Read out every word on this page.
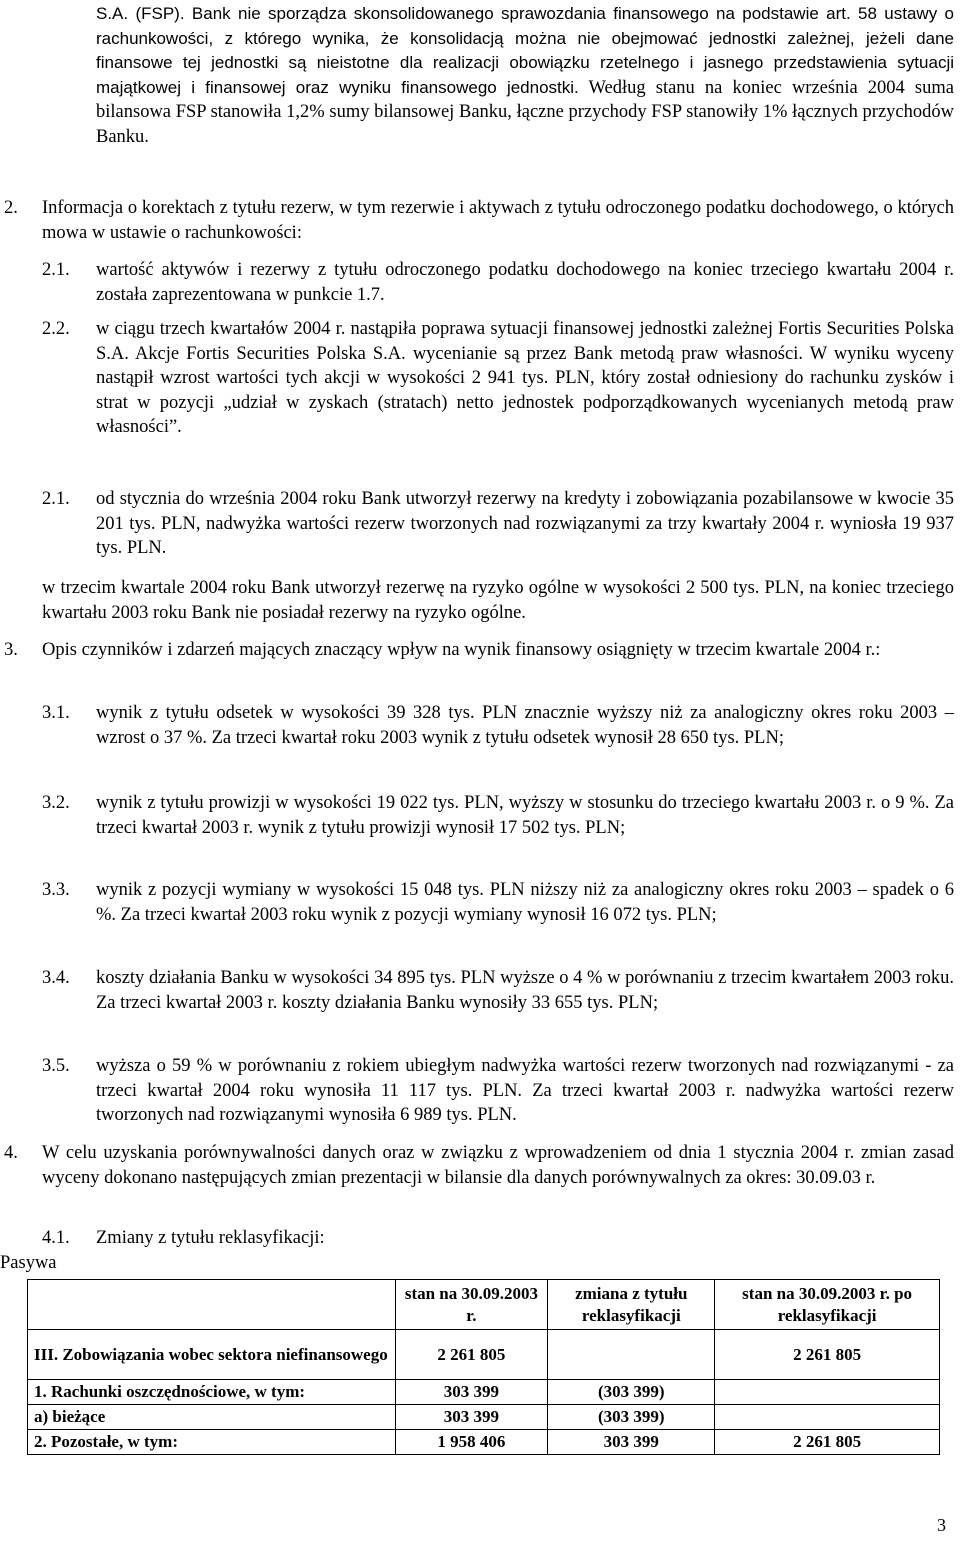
S.A. (FSP). Bank nie sporządza skonsolidowanego sprawozdania finansowego na podstawie art. 58 ustawy o rachunkowości, z którego wynika, że konsolidacją można nie obejmować jednostki zależnej, jeżeli dane finansowe tej jednostki są nieistotne dla realizacji obowiązku rzetelnego i jasnego przedstawienia sytuacji majątkowej i finansowej oraz wyniku finansowego jednostki. Według stanu na koniec września 2004 suma bilansowa FSP stanowiła 1,2% sumy bilansowej Banku, łączne przychody FSP stanowiły 1% łącznych przychodów Banku.

2. Informacja o korektach z tytułu rezerw, w tym rezerwie i aktywach z tytułu odroczonego podatku dochodowego, o których mowa w ustawie o rachunkowości:

2.1. wartość aktywów i rezerwy z tytułu odroczonego podatku dochodowego na koniec trzeciego kwartału 2004 r. została zaprezentowana w punkcie 1.7.

2.2. w ciągu trzech kwartałów 2004 r. nastąpiła poprawa sytuacji finansowej jednostki zależnej Fortis Securities Polska S.A. Akcje Fortis Securities Polska S.A. wycenianie są przez Bank metodą praw własności. W wyniku wyceny nastąpił wzrost wartości tych akcji w wysokości 2 941 tys. PLN, który został odniesiony do rachunku zysków i strat w pozycji „udział w zyskach (stratach) netto jednostek podporządkowanych wycenianych metodą praw własności”.

2.1. od stycznia do września 2004 roku Bank utworzył rezerwy na kredyty i zobowiązania pozabilansowe w kwocie 35 201 tys. PLN, nadwyżka wartości rezerw tworzonych nad rozwiązanymi za trzy kwartały 2004 r. wyniosła 19 937 tys. PLN.

w trzecim kwartale 2004 roku Bank utworzył rezerwę na ryzyko ogólne w wysokości 2 500 tys. PLN, na koniec trzeciego kwartału 2003 roku Bank nie posiadał rezerwy na ryzyko ogólne.

3. Opis czynników i zdarzeń mających znaczący wpływ na wynik finansowy osiągnięty w trzecim kwartale 2004 r.:

3.1. wynik z tytułu odsetek w wysokości 39 328 tys. PLN znacznie wyższy niż za analogiczny okres roku 2003 – wzrost o 37 %. Za trzeci kwartał roku 2003 wynik z tytułu odsetek wynosił 28 650 tys. PLN;

3.2. wynik z tytułu prowizji w wysokości 19 022 tys. PLN, wyższy w stosunku do trzeciego kwartału 2003 r. o 9 %. Za trzeci kwartał 2003 r. wynik z tytułu prowizji wynosił 17 502 tys. PLN;

3.3. wynik z pozycji wymiany w wysokości 15 048 tys. PLN niższy niż za analogiczny okres roku 2003 – spadek o 6 %. Za trzeci kwartał 2003 roku wynik z pozycji wymiany wynosił 16 072 tys. PLN;

3.4. koszty działania Banku w wysokości 34 895 tys. PLN wyższe o 4 % w porównaniu z trzecim kwartałem 2003 roku. Za trzeci kwartał 2003 r. koszty działania Banku wynosiły 33 655 tys. PLN;

3.5. wyższa o 59 % w porównaniu z rokiem ubiegłym nadwyżka wartości rezerw tworzonych nad rozwiązanymi - za trzeci kwartał 2004 roku wynosiła 11 117 tys. PLN. Za trzeci kwartał 2003 r. nadwyżka wartości rezerw tworzonych nad rozwiązanymi wynosiła 6 989 tys. PLN.

4. W celu uzyskania porównywalności danych oraz w związku z wprowadzeniem od dnia 1 stycznia 2004 r. zmian zasad wyceny dokonano następujących zmian prezentacji w bilansie dla danych porównywalnych za okres: 30.09.03 r.

4.1. Zmiany z tytułu reklasyfikacji:

Pasywa
	stan na 30.09.2003 r.	zmiana z tytułu reklasyfikacji	stan na 30.09.2003 r. po reklasyfikacji
III. Zobowiązania wobec sektora niefinansowego	2 261 805		2 261 805
1. Rachunki oszczędnościowe, w tym:	303 399	(303 399)	
a) bieżące	303 399	(303 399)	
2. Pozostałe, w tym:	1 958 406	303 399	2 261 805
3
